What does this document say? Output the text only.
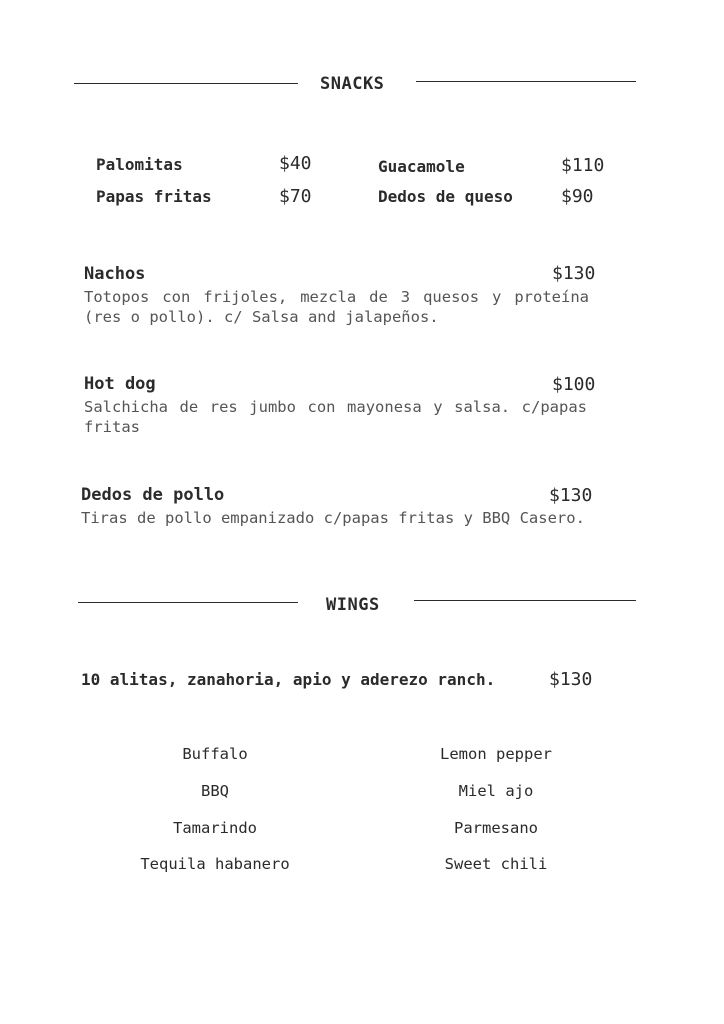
SNACKS
Palomitas	$40
Papas fritas	$70
Guacamole	$110
Dedos de queso	$90
Nachos	$130
Totopos con frijoles, mezcla de 3 quesos y proteína (res o pollo). c/ Salsa and jalapeños.
Hot dog	$100
Salchicha de res jumbo con mayonesa y salsa. c/papas fritas
Dedos de pollo	$130
Tiras de pollo empanizado c/papas fritas y BBQ Casero.
WINGS
10 alitas, zanahoria, apio y aderezo ranch.	$130
Buffalo
BBQ
Tamarindo
Tequila habanero
Lemon pepper
Miel ajo
Parmesano
Sweet chili
